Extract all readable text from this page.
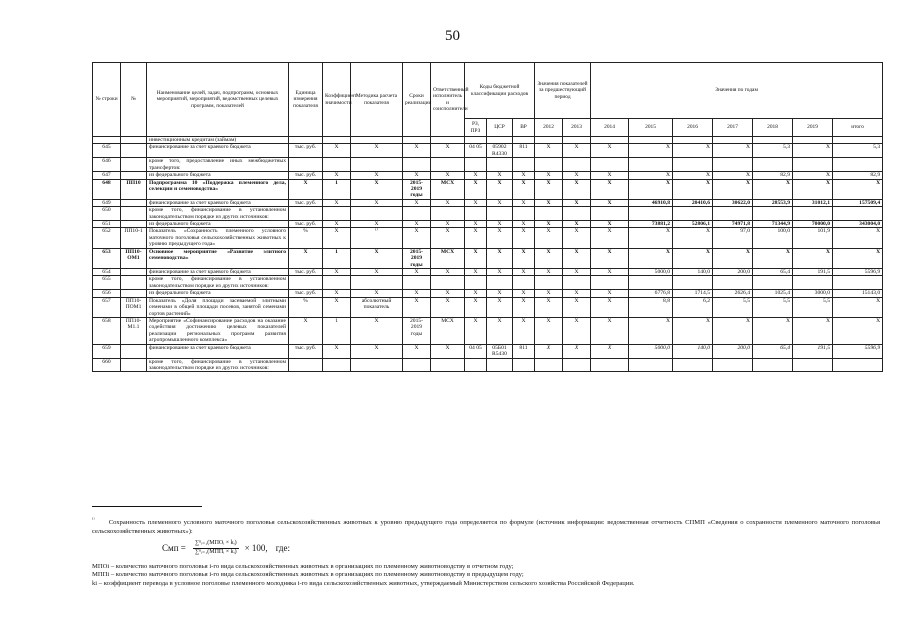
50
№ строки	№	Наименование целей, задач, подпрограмм, основных мероприятий, мероприятий, ведомственных целевых программ, показателей	Единица измерения показателя	Коэффициент значимости	Методика расчета показателя	Сроки реализации	Ответственный исполнитель и соисполнители	Коды бюджетной классификации расходов			Значения показателей за предшествующий период		Значения по годам						
								РЗ, ПРЗ	ЦСР	ВР	2012	2013	2014	2015	2016	2017	2018	2019	итого
		инвестиционным кредитам (займам)																	
645		финансирование за счет краевого бюджета	тыс. руб.	X	X	X	X	04 05	05902 R4330	811	X	X	X	X	X	X	5,3	X	5,3
646		кроме того, предоставление иных межбюджетных трансфертов:																	
647		из федерального бюджета	тыс. руб.	X	X	X	X	X	X	X	X	X	X	X	X	X	82,9	X	82,9
648	ПП10	Подпрограмма 10 «Поддержка племенного дела, селекции и семеноводства»	X	1	X	2015-2019 годы	МСХ	X	X	X	X	X	X	X	X	X	X	X	X
649		финансирование за счет краевого бюджета	тыс. руб.	X	X	X	X	X	X	X	X	X	X	46910,8	20410,6	30622,0	28553,9	31012,1	157509,4
650		кроме того, финансирование в установленном законодательством порядке из других источников:																	
651		из федерального бюджета	тыс. руб.	X	X	X	X	X	X	X	X	X	X	73881,2	52806,1	74971,8	71344,9	70000,0	343004,0
652	ПП10-1	Показатель «Сохранность племенного условного маточного поголовья сельскохозяйственных животных к уровню предыдущего года»	%	X	¹⁾	X	X	X	X	X	X	X	X	X	X	97,0	100,0	101,9	X
653	ПП10-ОМ1	Основное мероприятие «Развитие элитного семеноводства»	X	1	X	2015-2019 годы	МСХ	X	X	X	X	X	X	X	X	X	X	X	X
654		финансирование за счет краевого бюджета	тыс. руб.	X	X	X	X	X	X	X	X	X	X	5000,0	140,0	200,0	65,4	191,5	5596,9
655		кроме того, финансирование в установленном законодательством порядке из других источников:																	
656		из федерального бюджета	тыс. руб.	X	X	X	X	X	X	X	X	X	X	6776,8	1714,5	2626,4	1025,4	3000,0	15143,0
657	ПП10-ПОМ1	Показатель «Доля площади засеваемой элитными семенами в общей площади посевов, занятой семенами сортов растений»	%	X	абсолютный показатель	X	X	X	X	X	X	X	X	8,8	6,2	5,5	5,5	5,5	X
658	ПП10-М1.1	Мероприятие «Софинансирование расходов на оказание содействия достижению целевых показателей реализации региональных программ развития агропромышленного комплекса»	X	1	X	2015-2019 годы	МСХ	X	X	X	X	X	X	X	X	X	X	X	X
659		финансирование за счет краевого бюджета	тыс. руб.	X	X	X	X	04 05	05Б01 R5430	811	X	X	X	5000,0	140,0	200,0	65,4	191,5	5596,9
660		кроме того, финансирование в установленном законодательством порядке из других источников:																	

$^{^{1)}}$ Сохранность племенного условного маточного поголовья сельскохозяйственных животных к уровню предыдущего года определяется по формуле (источник информации: ведомственная отчетность СПМП «Сведения о сохранности племенного маточного поголовья сельскохозяйственных животных»):

Смп = $\frac{\text{∑ⁿᵢ₌₁(МПОᵢ × kᵢ)}}{\text{∑ⁿᵢ₌₁(МППᵢ × kᵢ)}} \times 100$, где:

МПОi – количество маточного поголовья i-го вида сельскохозяйственных животных в организациях по племенному животноводству в отчетном году;

МППi – количество маточного поголовья i-го вида сельскохозяйственных животных в организациях по племенному животноводству в предыдущем году;

ki – коэффициент перевода в условное поголовье племенного молодняка i-го вида сельскохозяйственных животных, утверждаемый Министерством сельского хозяйства Российской Федерации.
